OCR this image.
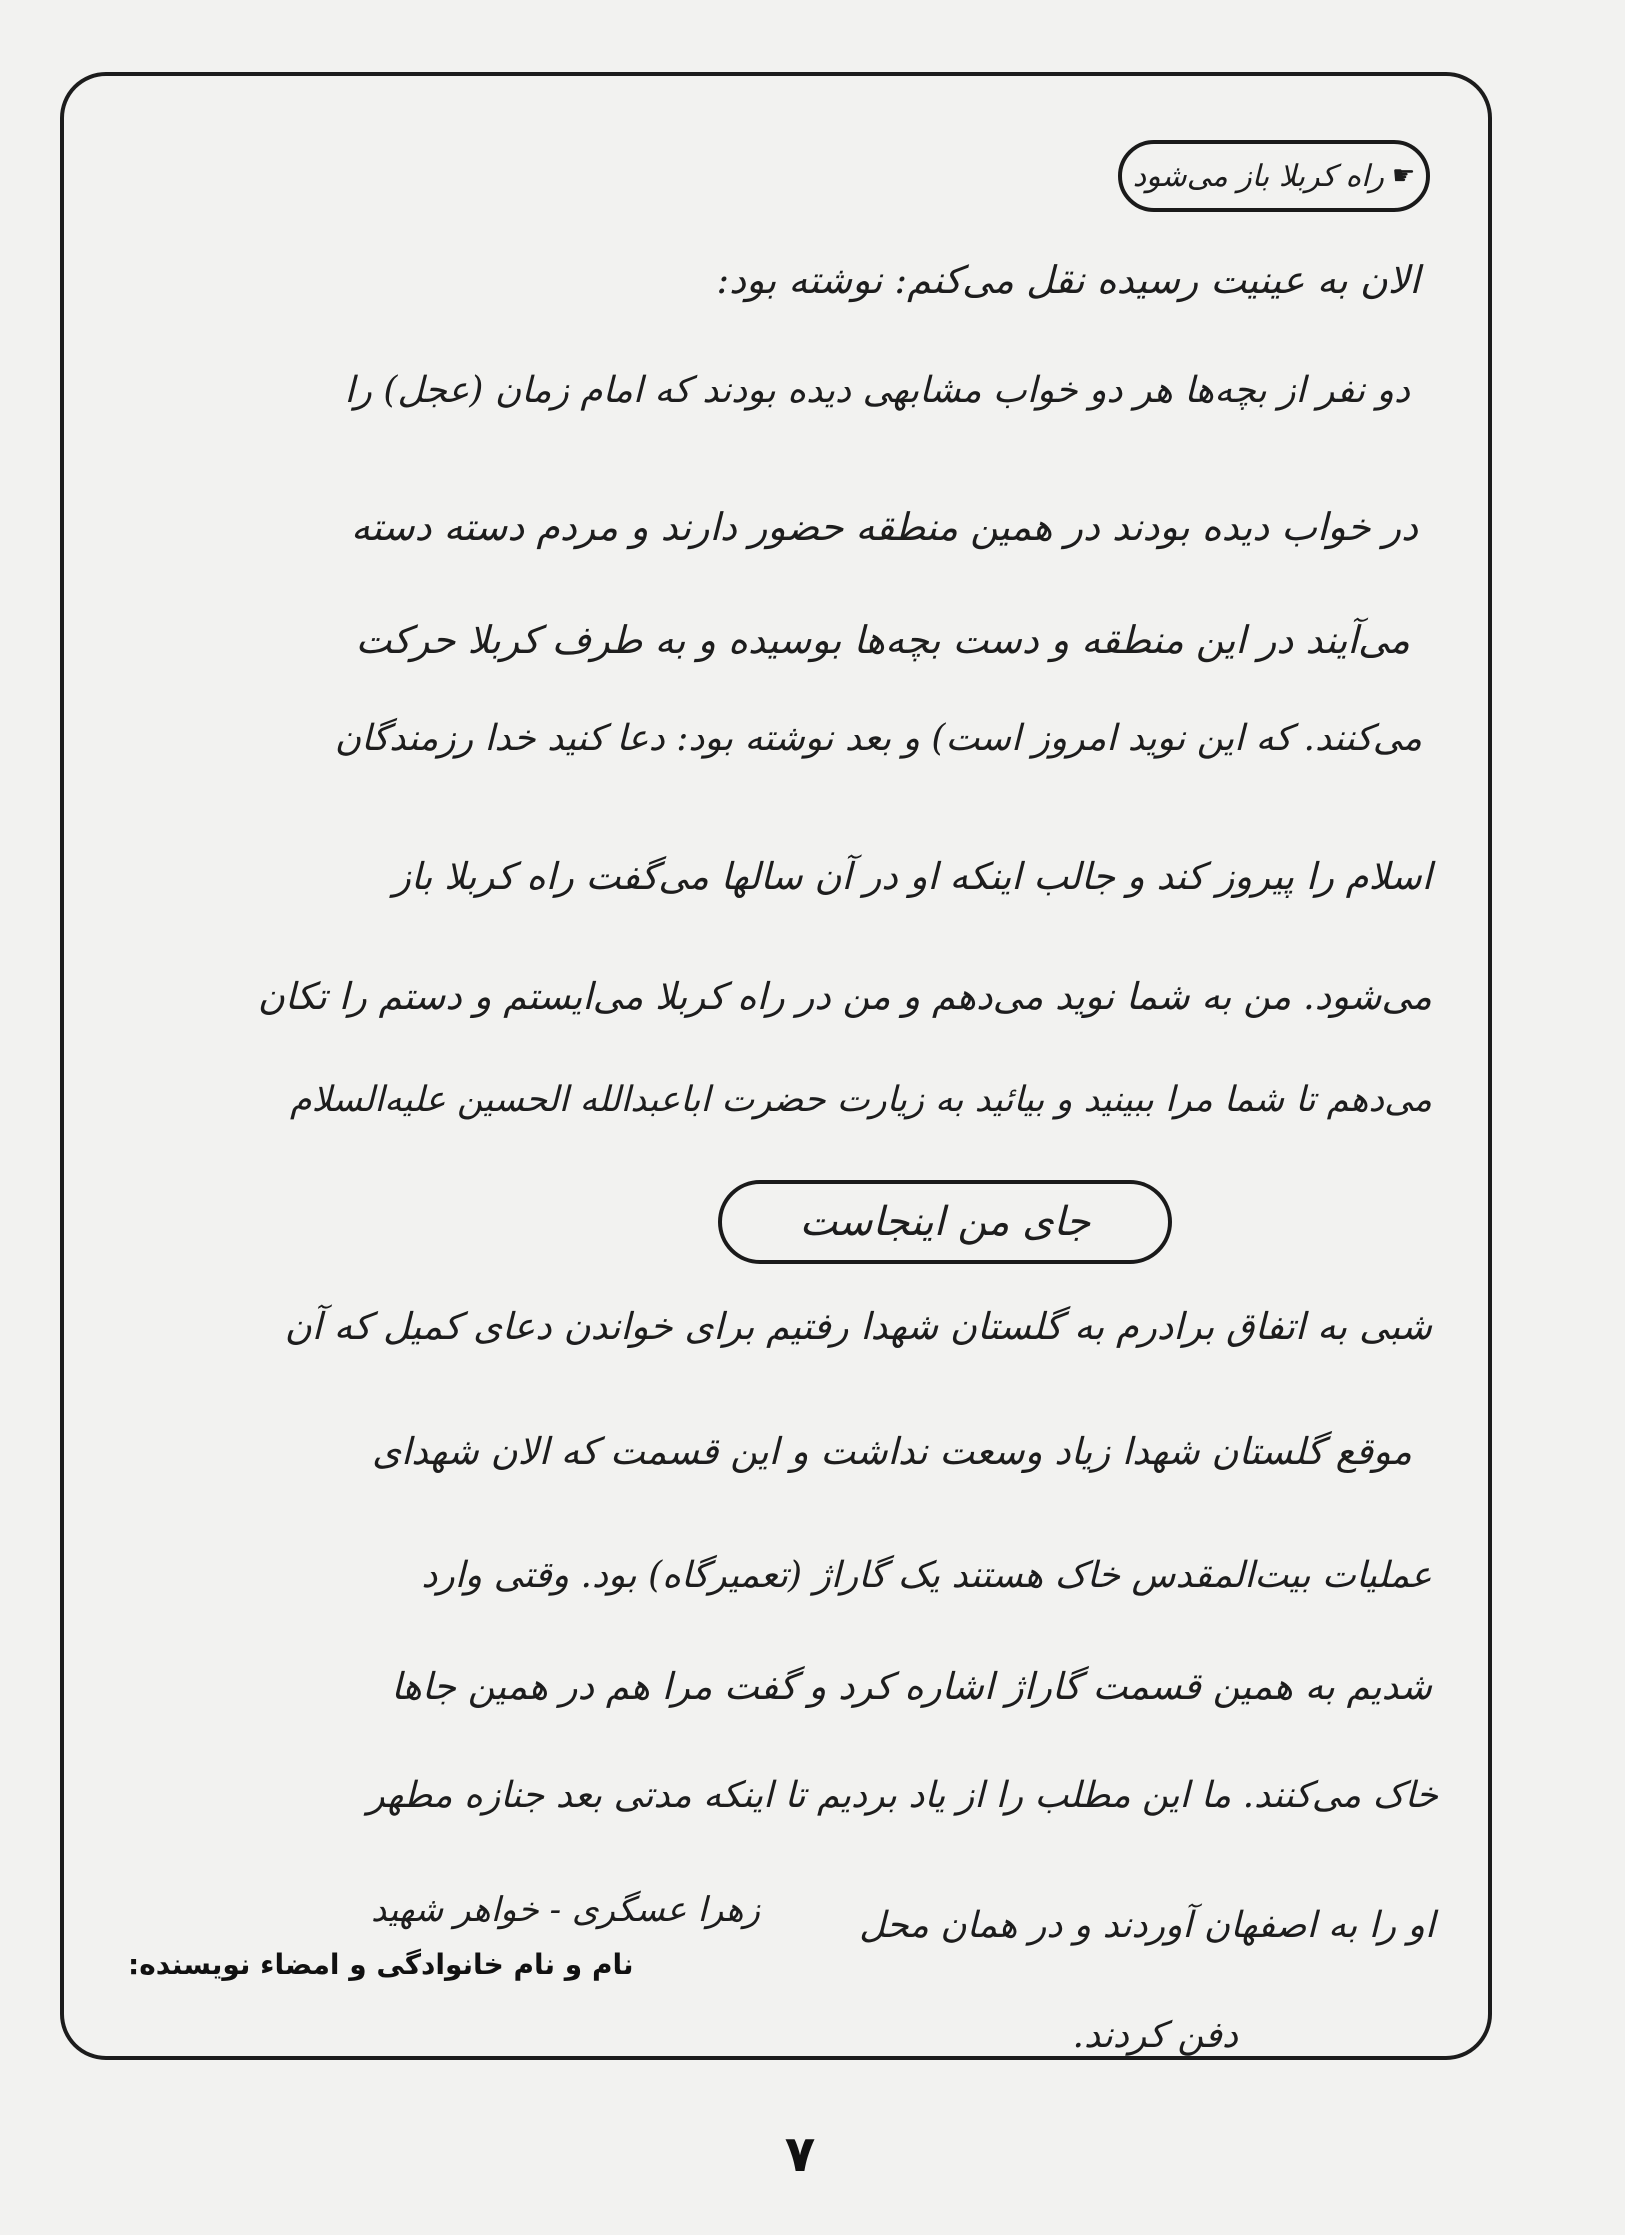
☛
راه کربلا باز می‌شود
الان به عینیت رسیده نقل می‌کنم: نوشته بود:
دو نفر از بچه‌ها هر دو خواب مشابهی دیده بودند که امام زمان (عجل) را
در خواب دیده بودند در همین منطقه حضور دارند و مردم دسته دسته
می‌آیند در این منطقه و دست بچه‌ها بوسیده و به طرف کربلا حرکت
می‌کنند. که این نوید امروز است) و بعد نوشته بود: دعا کنید خدا رزمندگان
اسلام را پیروز کند و جالب اینکه او در آن سالها می‌گفت راه کربلا باز
می‌شود. من به شما نوید می‌دهم و من در راه کربلا می‌ایستم و دستم را تکان
می‌دهم تا شما مرا ببینید و بیائید به زیارت حضرت اباعبدالله الحسین علیه‌السلام
جای من اینجاست
شبی به اتفاق برادرم به گلستان شهدا رفتیم برای خواندن دعای کمیل که آن
موقع گلستان شهدا زیاد وسعت نداشت و این قسمت که الان شهدای
عملیات بیت‌المقدس خاک هستند یک گاراژ (تعمیرگاه) بود. وقتی وارد
شدیم به همین قسمت گاراژ اشاره کرد و گفت مرا هم در همین جاها
خاک می‌کنند. ما این مطلب را از یاد بردیم تا اینکه مدتی بعد جنازه مطهر
او را به اصفهان آوردند و در همان محل
دفن کردند.
زهرا عسگری - خواهر شهید
نام و نام خانوادگی و امضاء نویسنده:
۷
